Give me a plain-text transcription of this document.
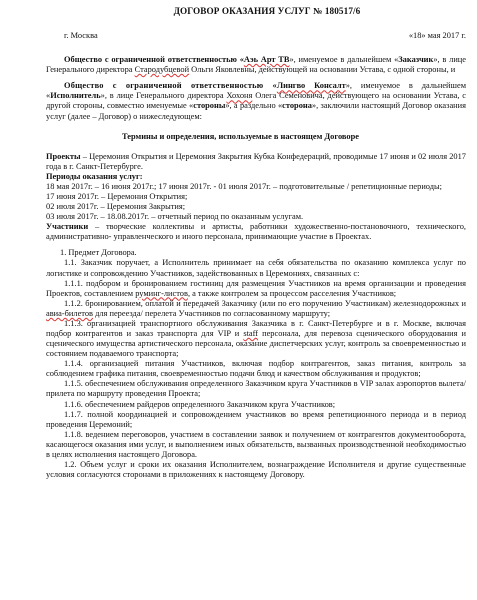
ДОГОВОР ОКАЗАНИЯ УСЛУГ № 180517/6
г. Москва	«18» мая 2017 г.

Общество с ограниченной ответственностью «Аэь Арт ТВ», именуемое в дальнейшем «Заказчик», в лице Генерального директора Стародубцевой Ольги Яковлевны, действующей на основании Устава, с одной стороны, и

Общество с ограниченной ответственностью «Лингво Консалт», именуемое в дальнейшем «Исполнитель», в лице Генерального директора Хохоня Олега Семеновича, действующего на основании Устава, с другой стороны, совместно именуемые «стороны», а раздельно «сторона», заключили настоящий Договор оказания услуг (далее – Договор) о нижеследующем:

Термины и определения, используемые в настоящем Договоре

Проекты – Церемония Открытия и Церемония Закрытия Кубка Конфедераций, проводимые 17 июня и 02 июля 2017 года в г. Санкт-Петербурге.

Периоды оказания услуг:

18 мая 2017г. – 16 июня 2017г.; 17 июня 2017г. - 01 июля 2017г. – подготовительные / репетиционные периоды;

17 июня 2017г. – Церемония Открытия;

02 июля 2017г. – Церемония Закрытия;

03 июля 2017г. – 18.08.2017г. – отчетный период по оказанным услугам.

Участники – творческие коллективы и артисты, работники художественно-постановочного, технического, административно- управленческого и иного персонала, принимающие участие в Проектах.

1. Предмет Договора.

1.1. Заказчик поручает, а Исполнитель принимает на себя обязательства по оказанию комплекса услуг по логистике и сопровождению Участников, задействованных в Церемониях, связанных с:

1.1.1. подбором и бронированием гостиниц для размещения Участников на время организации и проведения Проектов, составлением руминг-листов, а также контролем за процессом расселения Участников;

1.1.2. бронированием, оплатой и передачей Заказчику (или по его поручению Участникам) железнодорожных и авиа-билетов для переезда/ перелета Участников по согласованному маршруту;

1.1.3. организацией транспортного обслуживания Заказчика в г. Санкт-Петербурге и в г. Москве, включая подбор контрагентов и заказ транспорта для VIP и staff персонала, для перевоза сценического оборудования и сценического имущества артистического персонала, оказание диспетчерских услуг, контроль за своевременностью и состоянием подаваемого транспорта;

1.1.4. организацией питания Участников, включая подбор контрагентов, заказ питания, контроль за соблюдением графика питания, своевременностью подачи блюд и качеством обслуживания и продуктов;

1.1.5. обеспечением обслуживания определенного Заказчиком круга Участников в VIP залах аэропортов вылета/прилета по маршруту проведения Проекта;

1.1.6. обеспечением райдеров определенного Заказчиком круга Участников;

1.1.7. полной координацией и сопровождением участников во время репетиционного периода и в период проведения Церемоний;

1.1.8. ведением переговоров, участием в составлении заявок и получением от контрагентов документооборота, касающегося оказания ими услуг, и выполнением иных обязательств, вызванных производственной необходимостью в целях исполнения настоящего Договора.

1.2. Объем услуг и сроки их оказания Исполнителем, вознаграждение Исполнителя и другие существенные условия согласуются сторонами в приложениях к настоящему Договору.
